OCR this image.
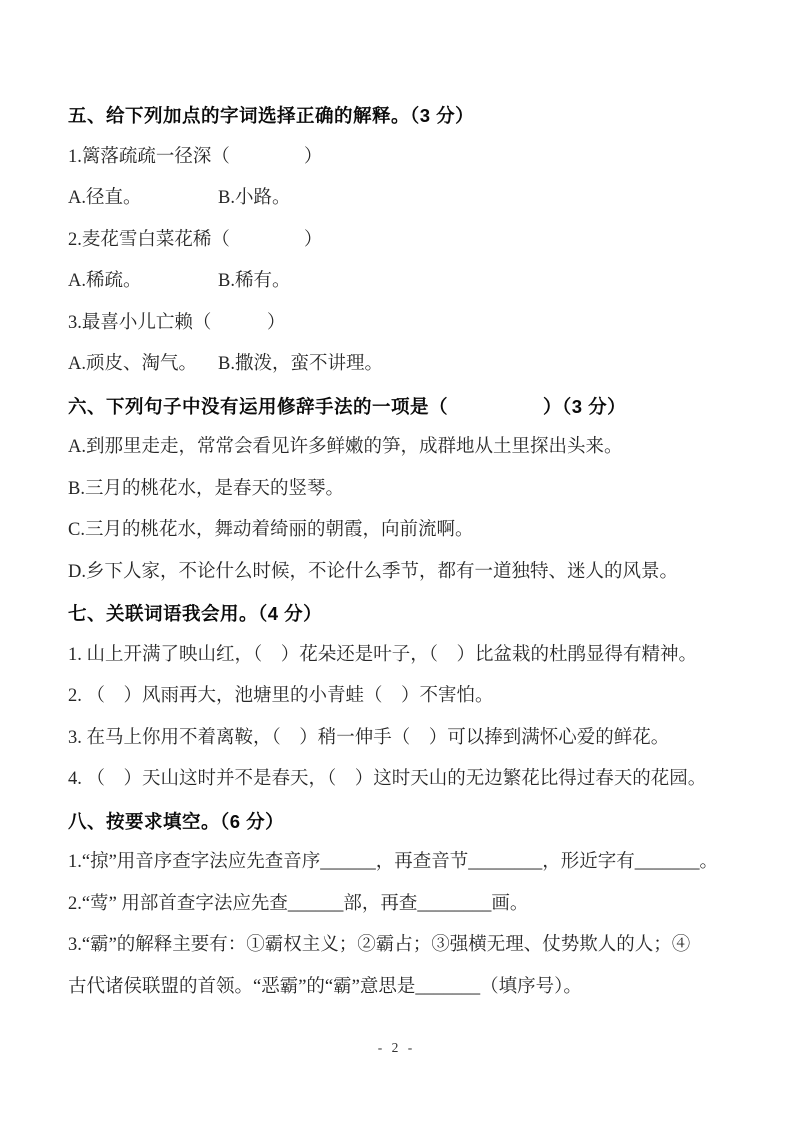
五、给下列加点的字词选择正确的解释。（3 分）

1.篱落疏疏一径深（　　　　）

A.径直。	B.小路。

2.麦花雪白菜花稀（　　　　）

A.稀疏。	B.稀有。

3.最喜小儿亡赖（　　　）

A.顽皮、淘气。 B.撒泼，蛮不讲理。

六、下列句子中没有运用修辞手法的一项是（　　　　　）（3 分）

A.到那里走走，常常会看见许多鲜嫩的笋，成群地从土里探出头来。

B.三月的桃花水，是春天的竖琴。

C.三月的桃花水，舞动着绮丽的朝霞，向前流啊。

D.乡下人家，不论什么时候，不论什么季节，都有一道独特、迷人的风景。

七、关联词语我会用。（4 分）

1. 山上开满了映山红，（　）花朵还是叶子，（　）比盆栽的杜鹃显得有精神。

2. （　）风雨再大，池塘里的小青蛙（　）不害怕。

3. 在马上你用不着离鞍，（　）稍一伸手（　）可以捧到满怀心爱的鲜花。

4. （　）天山这时并不是春天，（　）这时天山的无边繁花比得过春天的花园。

八、按要求填空。（6 分）

1.“掠”用音序查字法应先查音序______，再查音节________，形近字有_______。

2.“莺” 用部首查字法应先查______部，再查________画。

3.“霸”的解释主要有：①霸权主义；②霸占；③强横无理、仗势欺人的人；④

古代诸侯联盟的首领。“恶霸”的“霸”意思是_______（填序号）。

- 2 -
